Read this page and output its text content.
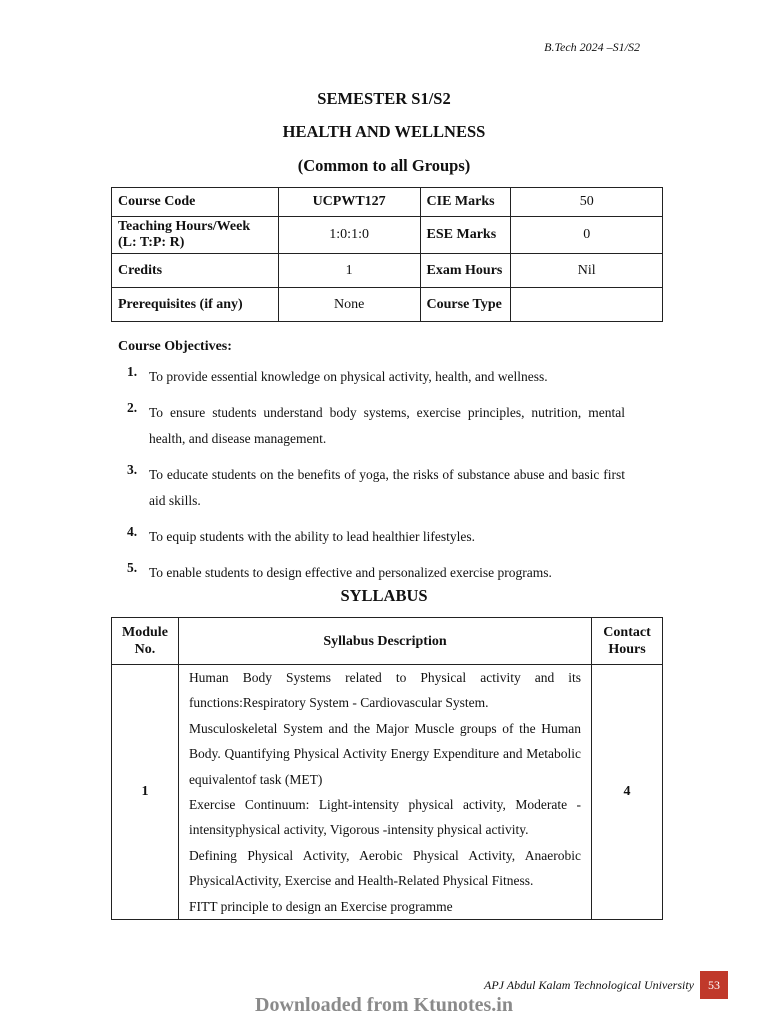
B.Tech 2024 –S1/S2
SEMESTER S1/S2
HEALTH AND WELLNESS
(Common to all Groups)
Course Code	UCPWT127	CIE Marks	50
Teaching Hours/Week (L: T:P: R)	1:0:1:0	ESE Marks	0
Credits	1	Exam Hours	Nil
Prerequisites (if any)	None	Course Type	
Course Objectives:
1. To provide essential knowledge on physical activity, health, and wellness.
2. To ensure students understand body systems, exercise principles, nutrition, mental health, and disease management.
3. To educate students on the benefits of yoga, the risks of substance abuse and basic first aid skills.
4. To equip students with the ability to lead healthier lifestyles.
5. To enable students to design effective and personalized exercise programs.
SYLLABUS
Module No.	Syllabus Description	Contact Hours
1	Human Body Systems related to Physical activity and its functions:Respiratory System - Cardiovascular System.

Musculoskeletal System and the Major Muscle groups of the Human Body. Quantifying Physical Activity Energy Expenditure and Metabolic equivalentof task (MET)

Exercise Continuum: Light-intensity physical activity, Moderate - intensityphysical activity, Vigorous -intensity physical activity.

Defining Physical Activity, Aerobic Physical Activity, Anaerobic PhysicalActivity, Exercise and Health-Related Physical Fitness.

FITT principle to design an Exercise programme	4
APJ Abdul Kalam Technological University	53
Downloaded from Ktunotes.in
